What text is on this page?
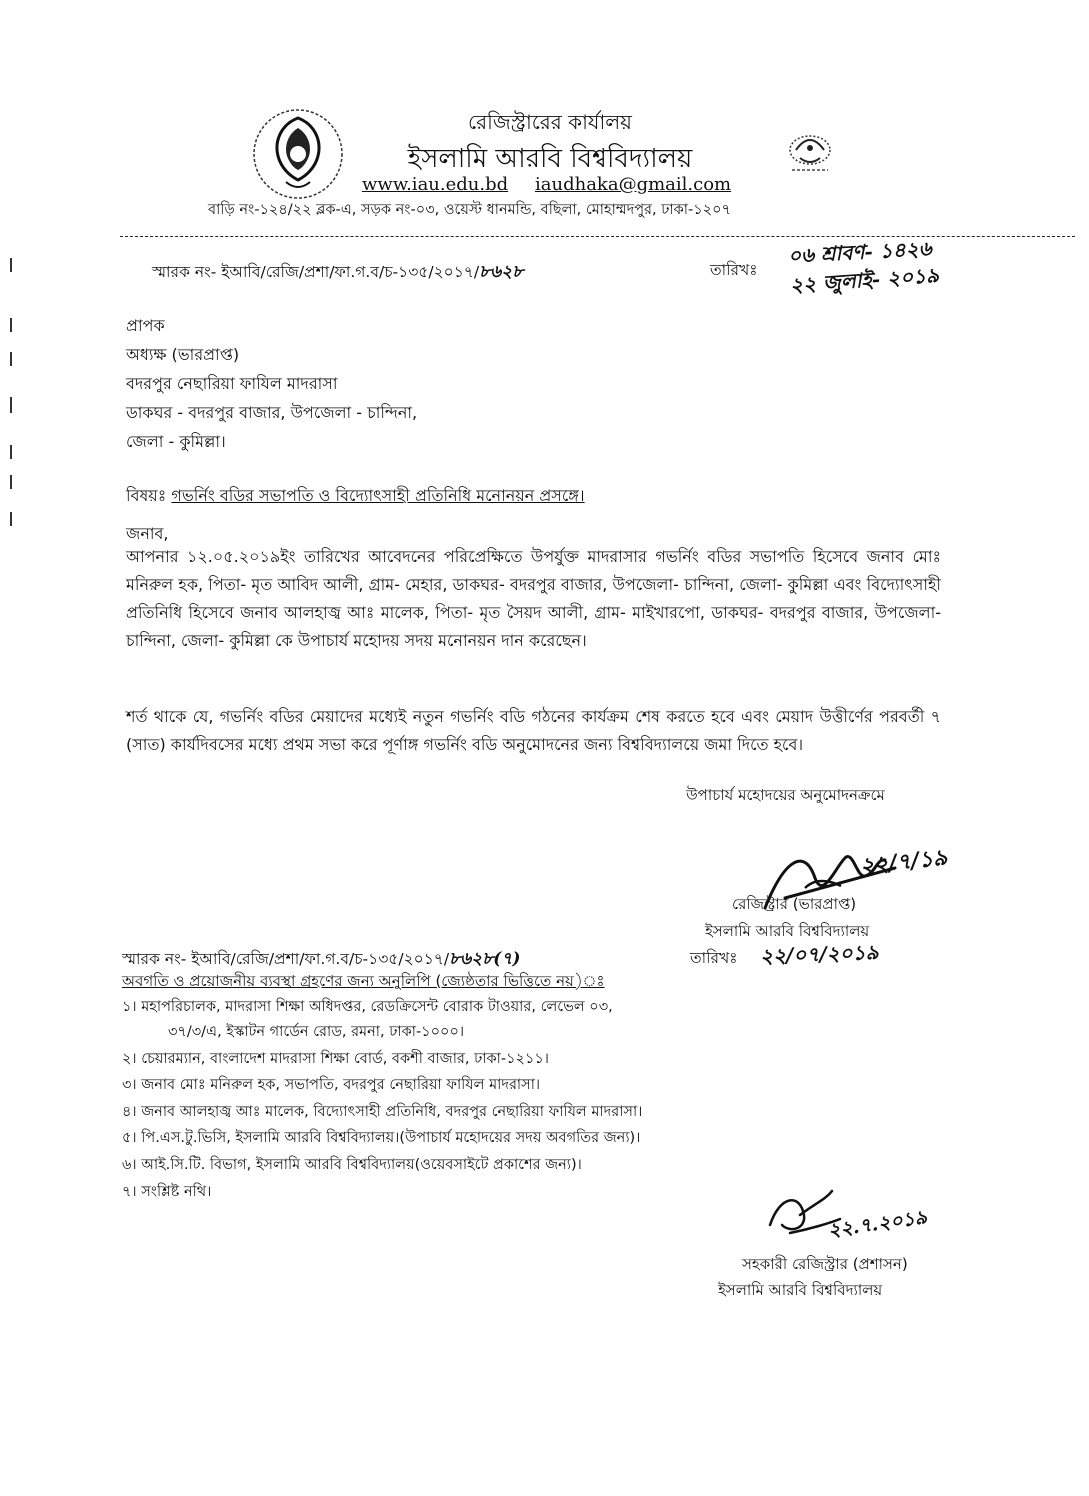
রেজিস্ট্রারের কার্যালয়
ইসলামি আরবি বিশ্ববিদ্যালয়
www.iau.edu.bd iaudhaka@gmail.com
বাড়ি নং-১২৪/২২ ব্লক-এ, সড়ক নং-০৩, ওয়েস্ট ধানমন্ডি, বছিলা, মোহাম্মদপুর, ঢাকা-১২০৭
স্মারক নং- ইআবি/রেজি/প্রশা/ফা.গ.ব/চ-১৩৫/২০১৭/৮৬২৮	তারিখঃ
০৬ শ্রাবণ- ১৪২৬
২২ জুলাই- ২০১৯
প্রাপক
অধ্যক্ষ (ভারপ্রাপ্ত)
বদরপুর নেছারিয়া ফাযিল মাদরাসা
ডাকঘর - বদরপুর বাজার, উপজেলা - চান্দিনা,
জেলা - কুমিল্লা।
বিষয়ঃ গভর্নিং বডির সভাপতি ও বিদ্যোৎসাহী প্রতিনিধি মনোনয়ন প্রসঙ্গে।
জনাব,
আপনার ১২.০৫.২০১৯ইং তারিখের আবেদনের পরিপ্রেক্ষিতে উপর্যুক্ত মাদরাসার গভর্নিং বডির সভাপতি হিসেবে জনাব মোঃ মনিরুল হক, পিতা- মৃত আবিদ আলী, গ্রাম- মেহার, ডাকঘর- বদরপুর বাজার, উপজেলা- চান্দিনা, জেলা- কুমিল্লা এবং বিদ্যোৎসাহী প্রতিনিধি হিসেবে জনাব আলহাজ্ব আঃ মালেক, পিতা- মৃত সৈয়দ আলী, গ্রাম- মাইখারপো, ডাকঘর- বদরপুর বাজার, উপজেলা- চান্দিনা, জেলা- কুমিল্লা কে উপাচার্য মহোদয় সদয় মনোনয়ন দান করেছেন।
শর্ত থাকে যে, গভর্নিং বডির মেয়াদের মধ্যেই নতুন গভর্নিং বডি গঠনের কার্যক্রম শেষ করতে হবে এবং মেয়াদ উত্তীর্ণের পরবর্তী ৭ (সাত) কার্যদিবসের মধ্যে প্রথম সভা করে পূর্ণাঙ্গ গভর্নিং বডি অনুমোদনের জন্য বিশ্ববিদ্যালয়ে জমা দিতে হবে।
উপাচার্য মহোদয়ের অনুমোদনক্রমে
২২/৭/১৯
রেজিস্ট্রার (ভারপ্রাপ্ত)
ইসলামি আরবি বিশ্ববিদ্যালয়
স্মারক নং- ইআবি/রেজি/প্রশা/ফা.গ.ব/চ-১৩৫/২০১৭/৮৬২৮(৭)	তারিখঃ ২২/০৭/২০১৯
অবগতি ও প্রয়োজনীয় ব্যবস্থা গ্রহণের জন্য অনুলিপি (জ্যেষ্ঠতার ভিত্তিতে নয়)ঃ
১। মহাপরিচালক, মাদরাসা শিক্ষা অধিদপ্তর, রেডক্রিসেন্ট বোরাক টাওয়ার, লেভেল ০৩,
৩৭/৩/এ, ইস্কাটন গার্ডেন রোড, রমনা, ঢাকা-১০০০।
২। চেয়ারম্যান, বাংলাদেশ মাদরাসা শিক্ষা বোর্ড, বকশী বাজার, ঢাকা-১২১১।
৩। জনাব মোঃ মনিরুল হক, সভাপতি, বদরপুর নেছারিয়া ফাযিল মাদরাসা।
৪। জনাব আলহাজ্ব আঃ মালেক, বিদ্যোৎসাহী প্রতিনিধি, বদরপুর নেছারিয়া ফাযিল মাদরাসা।
৫। পি.এস.টু.ভিসি, ইসলামি আরবি বিশ্ববিদ্যালয়।(উপাচার্য মহোদয়ের সদয় অবগতির জন্য)।
৬। আই.সি.টি. বিভাগ, ইসলামি আরবি বিশ্ববিদ্যালয়(ওয়েবসাইটে প্রকাশের জন্য)।
৭। সংশ্লিষ্ট নথি।
২২.৭.২০১৯
সহকারী রেজিস্ট্রার (প্রশাসন)
ইসলামি আরবি বিশ্ববিদ্যালয়
